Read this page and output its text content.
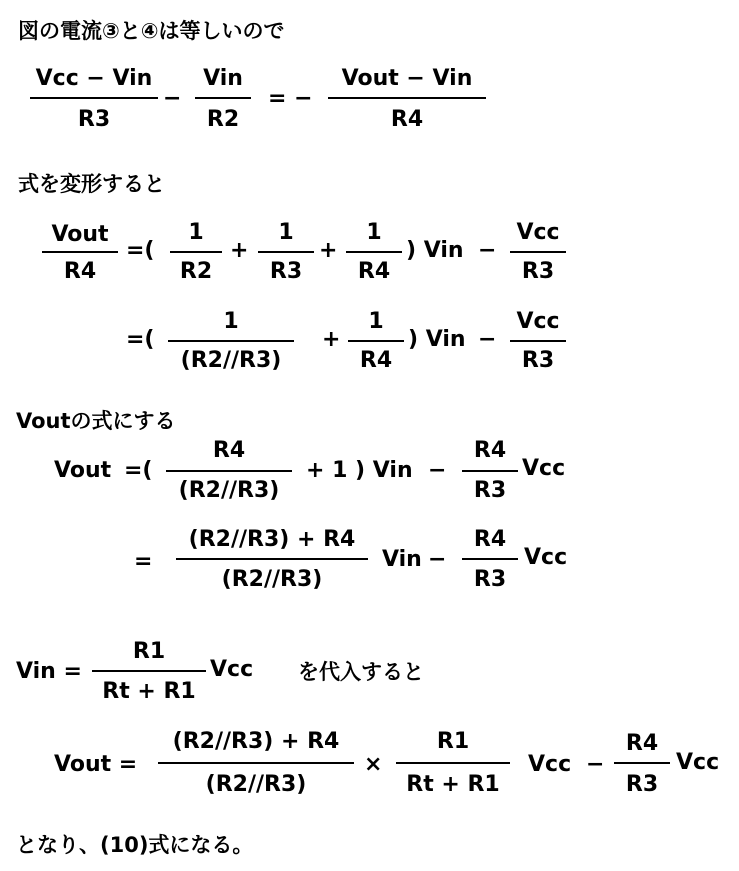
図の電流③と④は等しいので
Vcc − Vin
R3
−
Vin
R2
= −
Vout − Vin
R4
式を変形すると
Vout
R4
=(
1
R2
+
1
R3
+
1
R4
) Vin −
Vcc
R3
=(
1
(R2//R3)
+
1
R4
) Vin −
Vcc
R3
Voutの式にする
Vout =(
R4
(R2//R3)
+ 1 ) Vin −
R4
R3
Vcc
=
(R2//R3) + R4
(R2//R3)
Vin −
R4
R3
Vcc
Vin =
R1
Rt + R1
Vcc を代入すると
Vout =
(R2//R3) + R4
(R2//R3)
×
R1
Rt + R1
Vcc −
R4
R3
Vcc
となり、(10)式になる。
